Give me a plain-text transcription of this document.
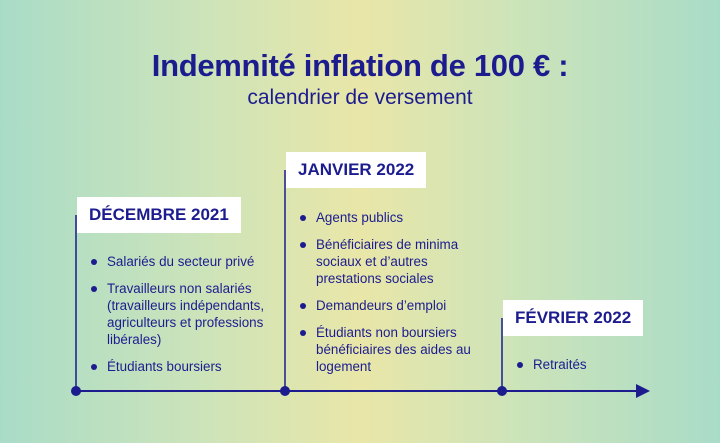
Indemnité inflation de 100 € :
calendrier de versement
DÉCEMBRE 2021
JANVIER 2022
FÉVRIER 2022
Salariés du secteur privé
Travailleurs non salariés (travailleurs indépendants, agriculteurs et professions libérales)
Étudiants boursiers
Agents publics
Bénéficiaires de minima sociaux et d’autres prestations sociales
Demandeurs d’emploi
Étudiants non boursiers bénéficiaires des aides au logement	Retraités
